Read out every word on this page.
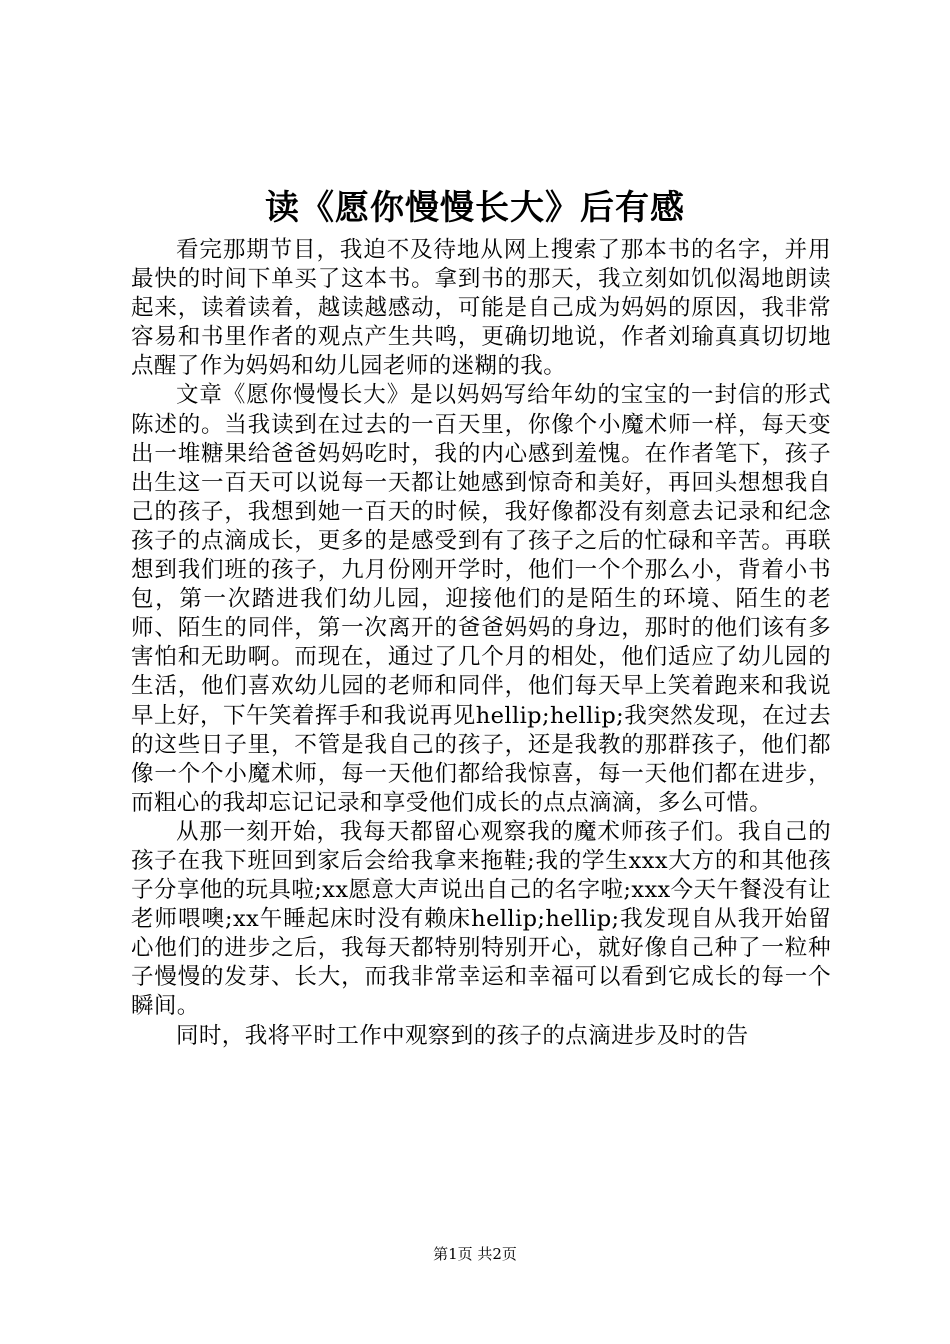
读《愿你慢慢长大》后有感

看完那期节目，我迫不及待地从网上搜索了那本书的名字，并用最快的时间下单买了这本书。拿到书的那天，我立刻如饥似渴地朗读起来，读着读着，越读越感动，可能是自己成为妈妈的原因，我非常容易和书里作者的观点产生共鸣，更确切地说，作者刘瑜真真切切地点醒了作为妈妈和幼儿园老师的迷糊的我。

文章《愿你慢慢长大》是以妈妈写给年幼的宝宝的一封信的形式陈述的。当我读到在过去的一百天里，你像个小魔术师一样，每天变出一堆糖果给爸爸妈妈吃时，我的内心感到羞愧。在作者笔下，孩子出生这一百天可以说每一天都让她感到惊奇和美好，再回头想想我自己的孩子，我想到她一百天的时候，我好像都没有刻意去记录和纪念孩子的点滴成长，更多的是感受到有了孩子之后的忙碌和辛苦。再联想到我们班的孩子，九月份刚开学时，他们一个个那么小，背着小书包，第一次踏进我们幼儿园，迎接他们的是陌生的环境、陌生的老师、陌生的同伴，第一次离开的爸爸妈妈的身边，那时的他们该有多害怕和无助啊。而现在，通过了几个月的相处，他们适应了幼儿园的生活，他们喜欢幼儿园的老师和同伴，他们每天早上笑着跑来和我说早上好，下午笑着挥手和我说再见hellip;hellip;我突然发现，在过去的这些日子里，不管是我自己的孩子，还是我教的那群孩子，他们都像一个个小魔术师，每一天他们都给我惊喜，每一天他们都在进步，而粗心的我却忘记记录和享受他们成长的点点滴滴，多么可惜。

从那一刻开始，我每天都留心观察我的魔术师孩子们。我自己的孩子在我下班回到家后会给我拿来拖鞋;我的学生xxx大方的和其他孩子分享他的玩具啦;xx愿意大声说出自己的名字啦;xxx今天午餐没有让老师喂噢;xx午睡起床时没有赖床hellip;hellip;我发现自从我开始留心他们的进步之后，我每天都特别特别开心，就好像自己种了一粒种子慢慢的发芽、长大，而我非常幸运和幸福可以看到它成长的每一个瞬间。

同时，我将平时工作中观察到的孩子的点滴进步及时的告

第1页 共2页
